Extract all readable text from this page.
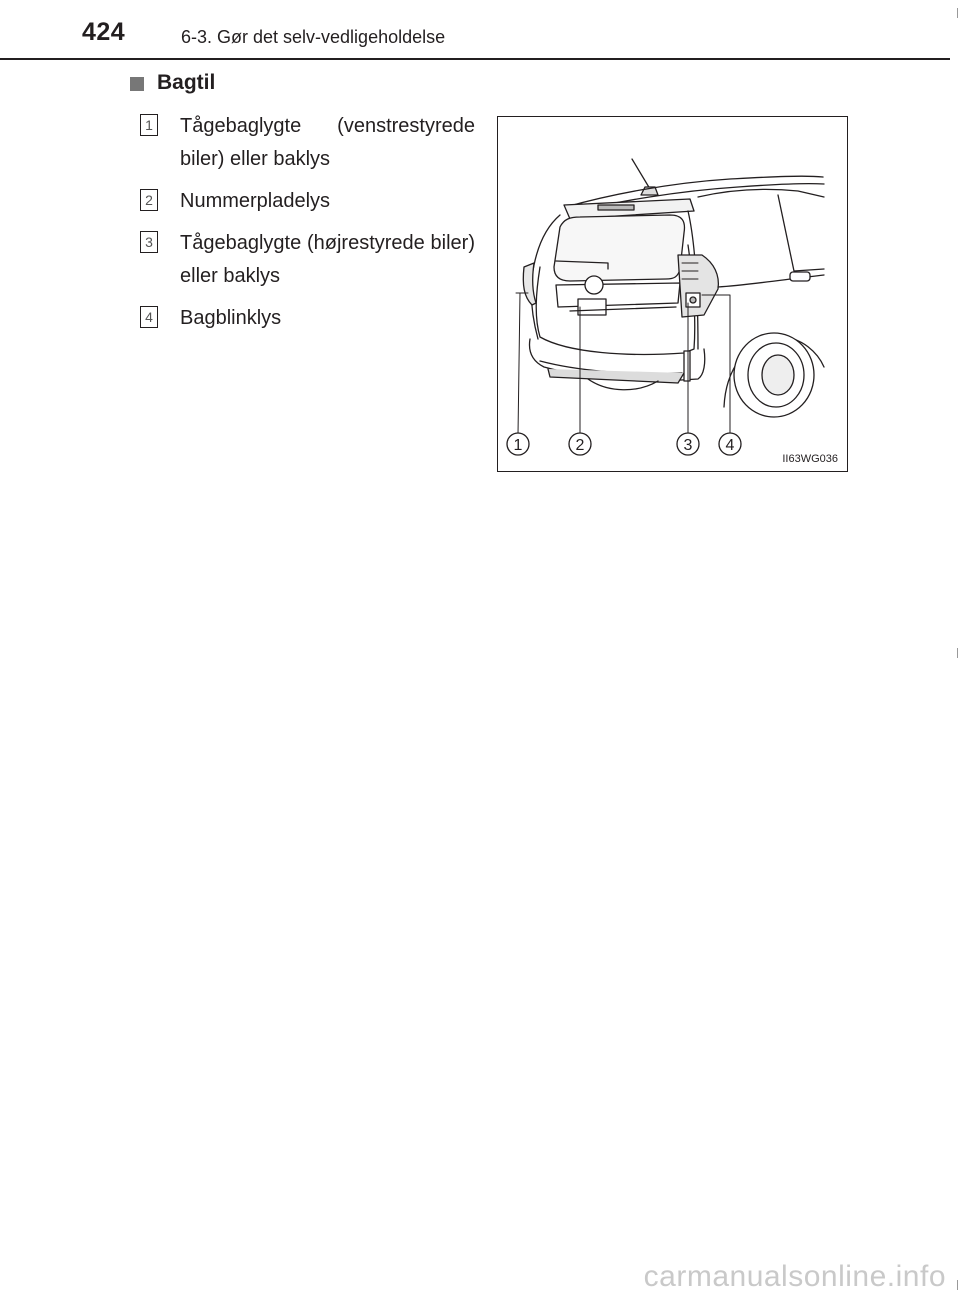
424	6-3. Gør det selv-vedligeholdelse
Bagtil
1 Tågebaglygte (venstrestyrede biler) eller baklys
2 Nummerpladelys
3 Tågebaglygte (højrestyrede biler) eller baklys
4 Bagblinklys
1	2	3 4
II63WG036
carmanualsonline.info
